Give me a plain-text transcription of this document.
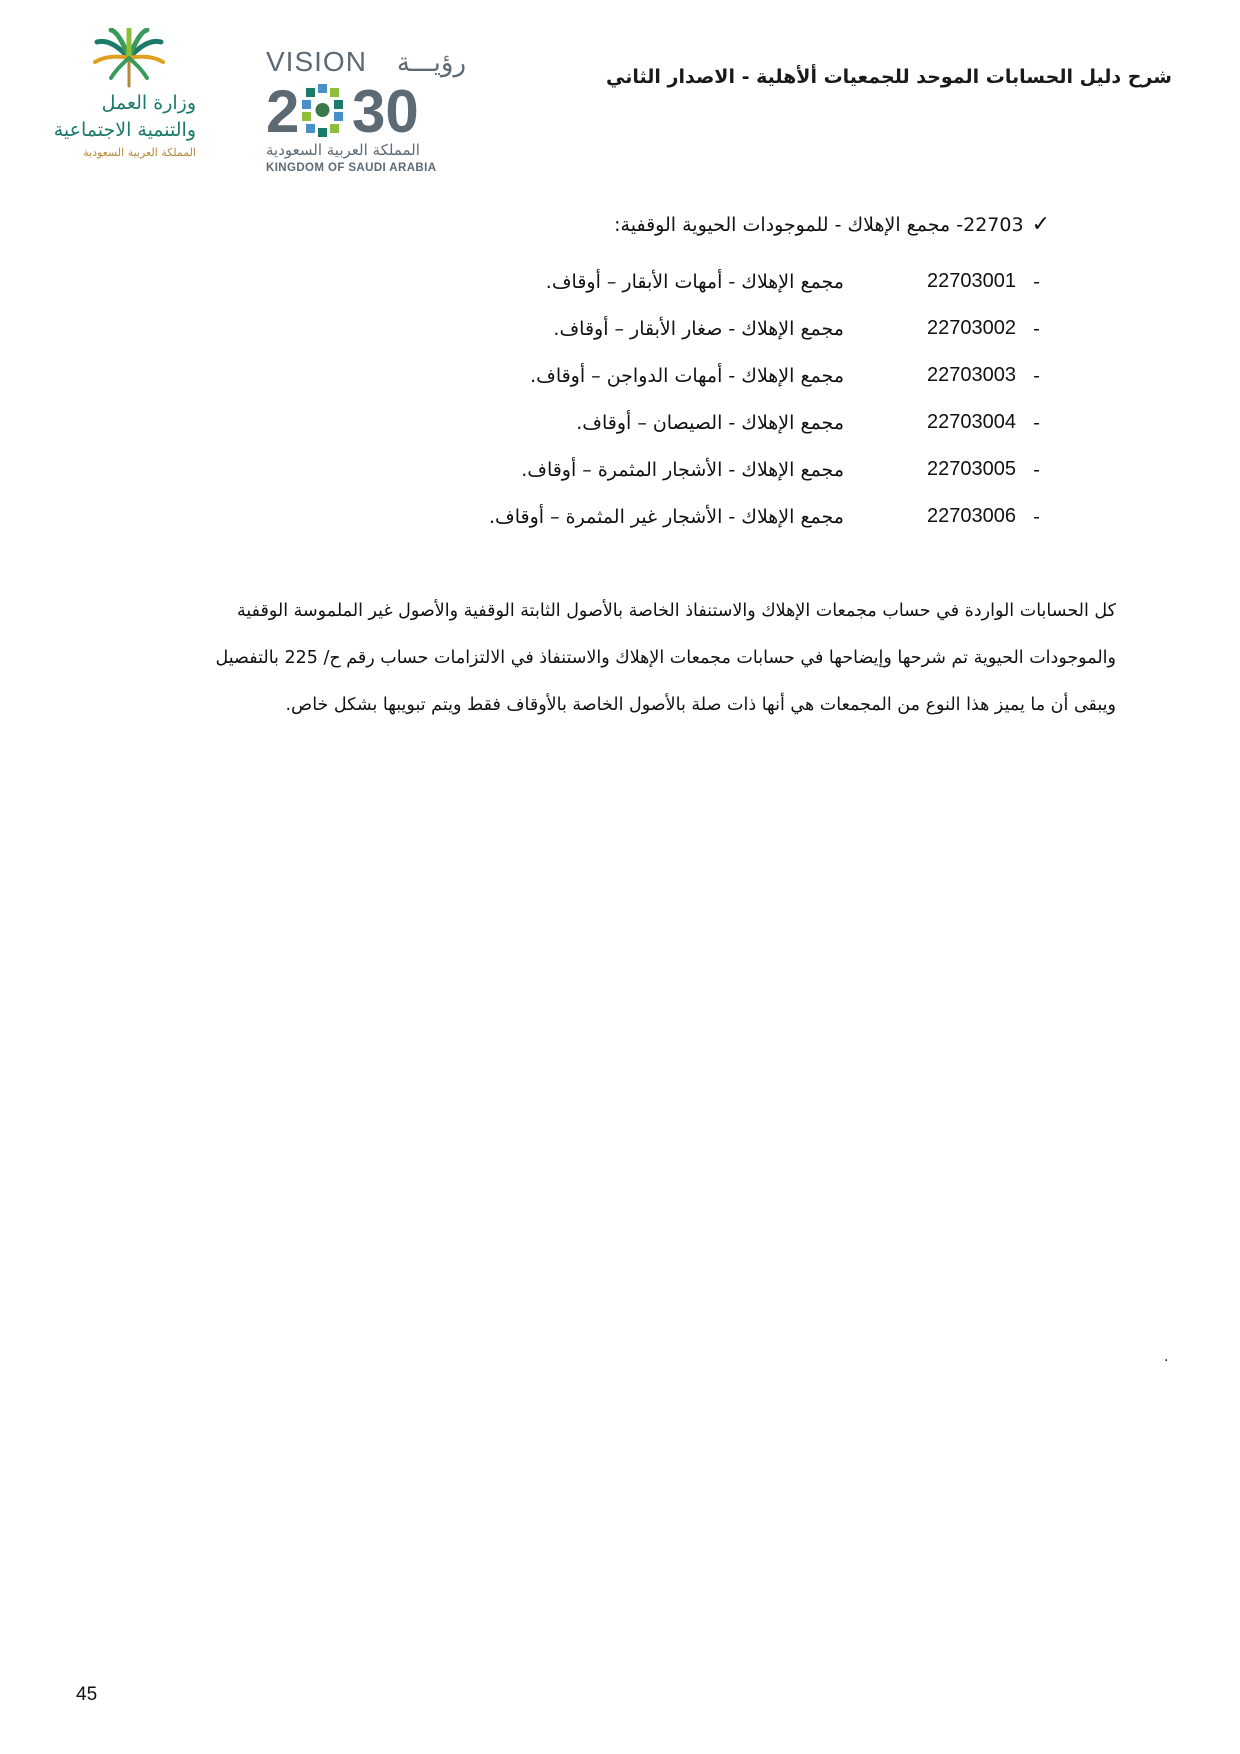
شرح دليل الحسابات الموحد للجمعيات ألأهلية - الاصدار الثاني
وزارة العمل
والتنمية الاجتماعية
المملكة العربية السعودية
VISION رؤيـــة
2 30
المملكة العربية السعودية
KINGDOM OF SAUDI ARABIA
✓22703- مجمع الإهلاك - للموجودات الحيوية الوقفية:
-
22703001
مجمع الإهلاك - أمهات الأبقار – أوقاف.
-
22703002
مجمع الإهلاك - صغار الأبقار – أوقاف.
-
22703003
مجمع الإهلاك - أمهات الدواجن – أوقاف.
-
22703004
مجمع الإهلاك - الصيصان – أوقاف.
-
22703005
مجمع الإهلاك - الأشجار المثمرة – أوقاف.
-
22703006
مجمع الإهلاك - الأشجار غير المثمرة – أوقاف.

كل الحسابات الواردة في حساب مجمعات الإهلاك والاستنفاذ الخاصة بالأصول الثابتة الوقفية والأصول غير الملموسة الوقفية

والموجودات الحيوية تم شرحها وإيضاحها في حسابات مجمعات الإهلاك والاستنفاذ في الالتزامات حساب رقم ح/ 225 بالتفصيل

ويبقى أن ما يميز هذا النوع من المجمعات هي أنها ذات صلة بالأصول الخاصة بالأوقاف فقط ويتم تبويبها بشكل خاص.

.
45
